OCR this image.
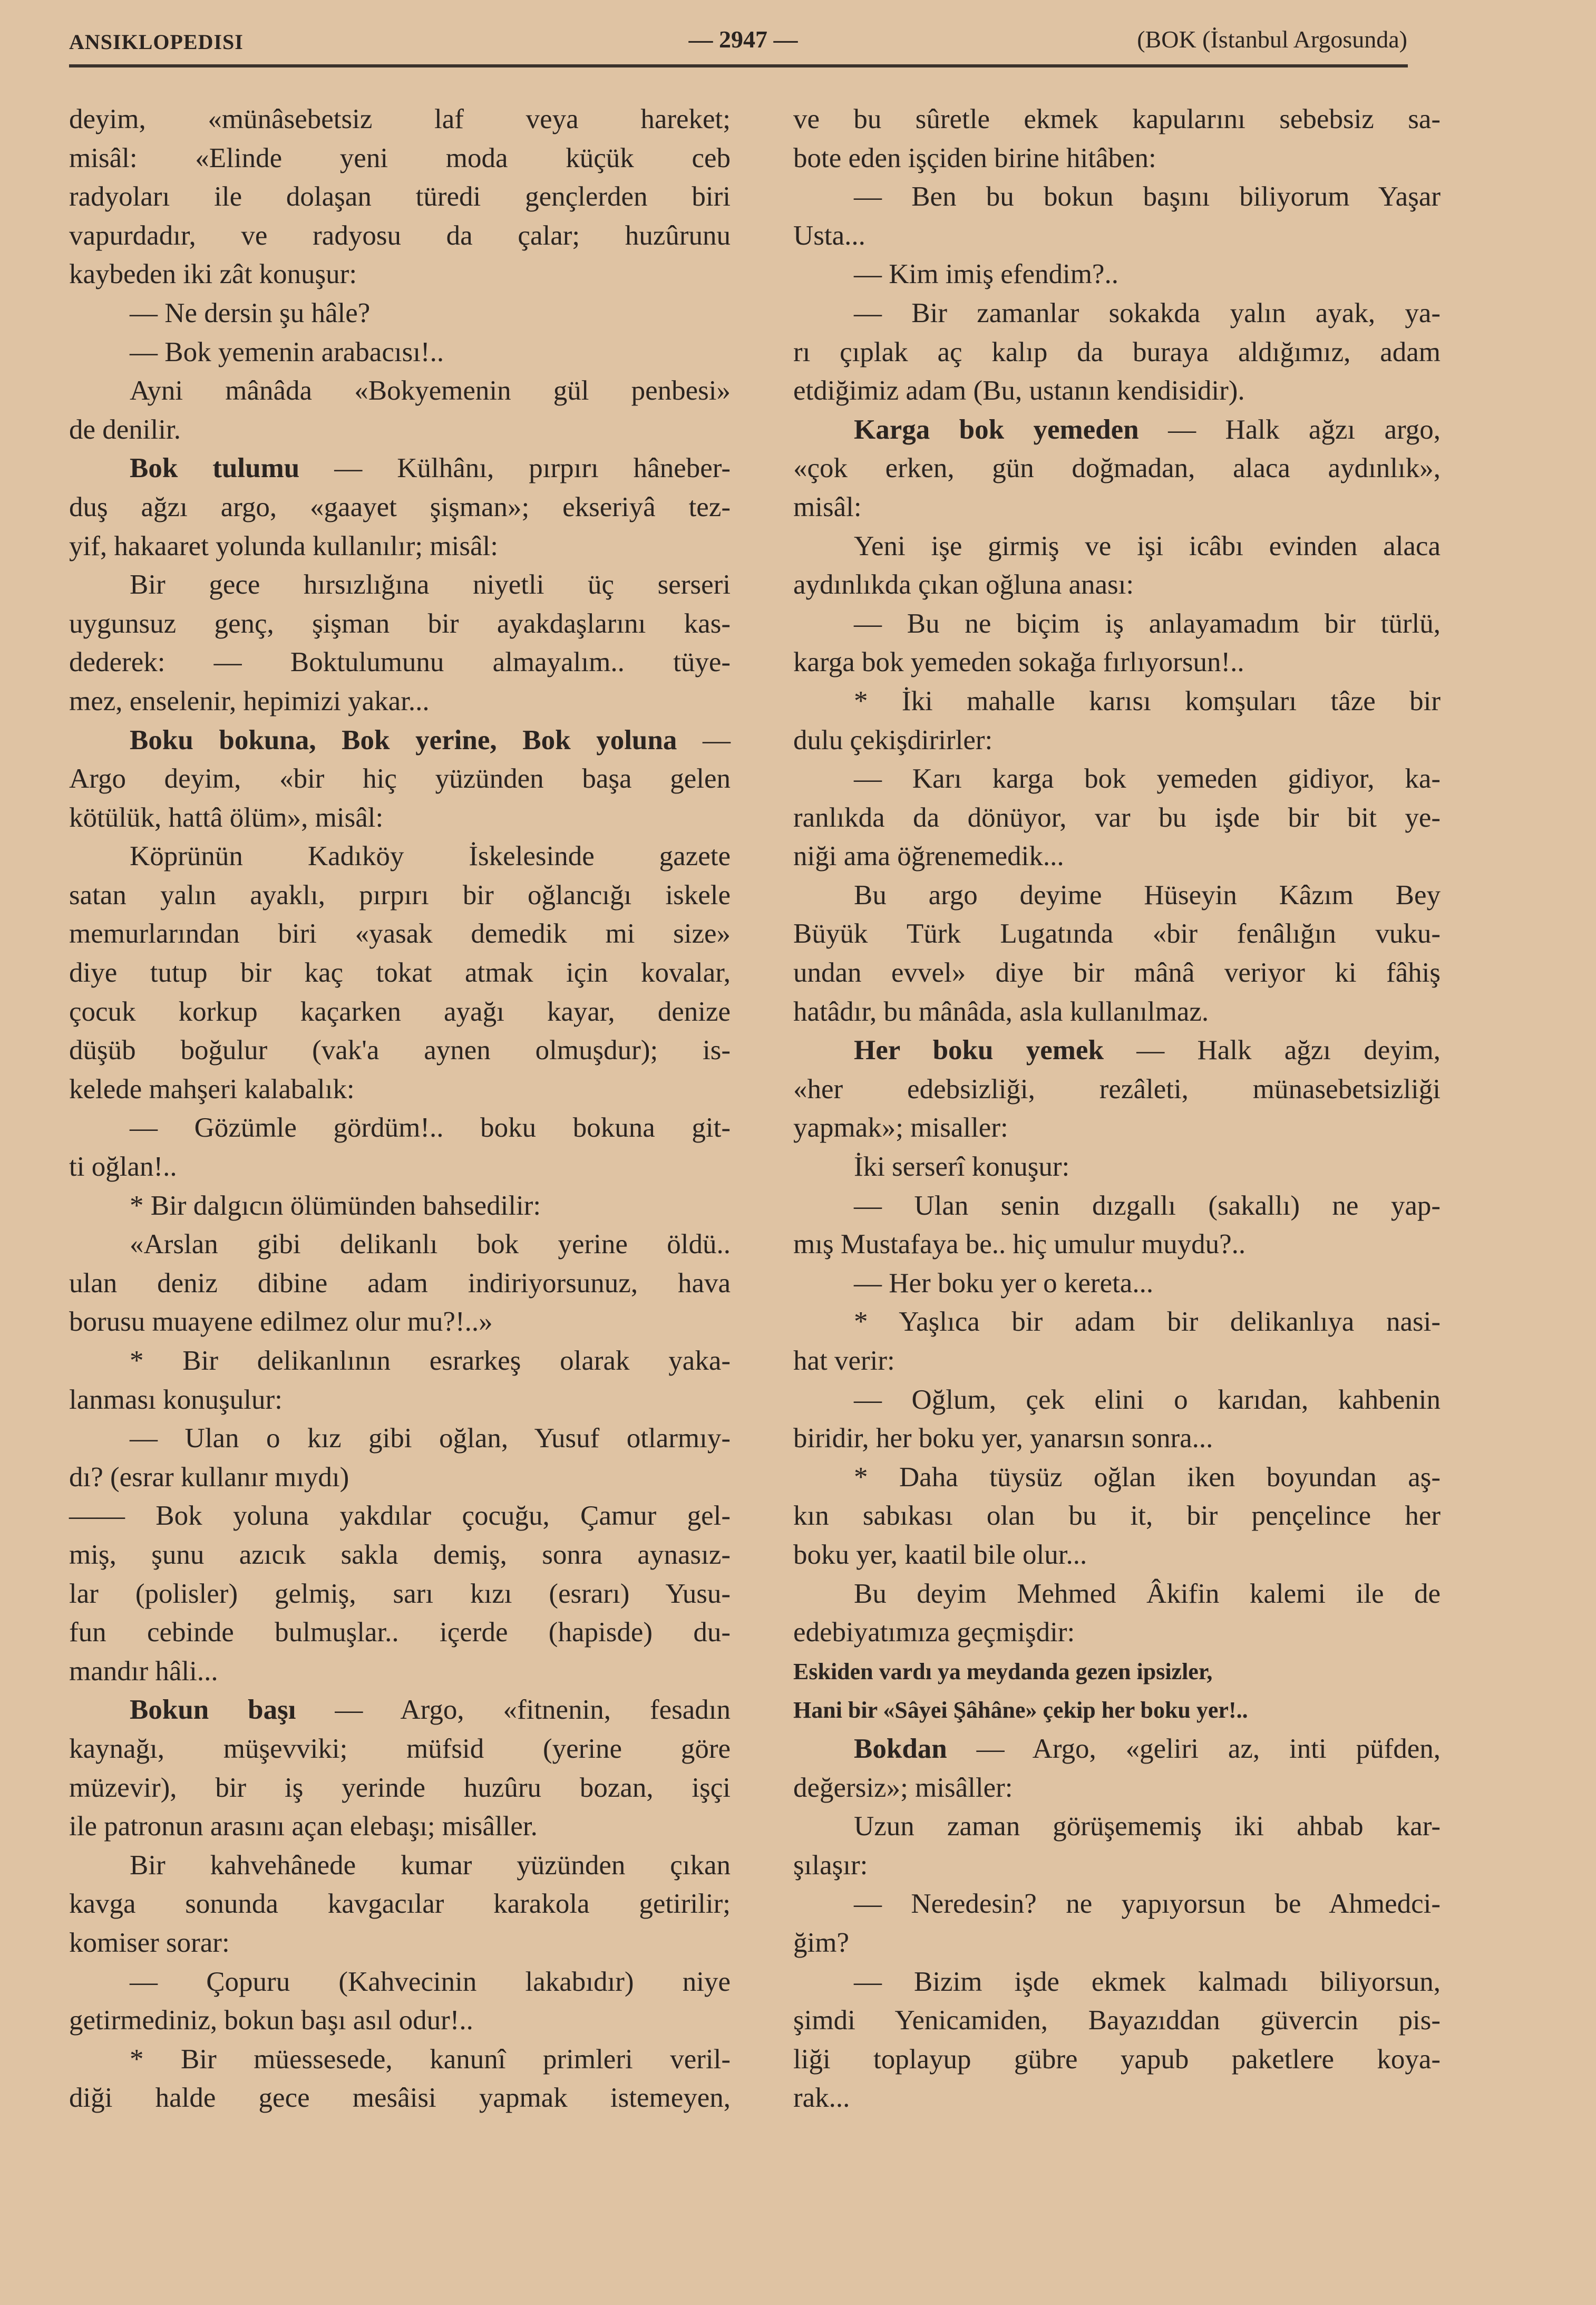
ANSIKLOPEDISI	— 2947 —	(BOK (İstanbul Argosunda)
deyim, «münâsebetsiz laf veya hareket;
misâl: «Elinde yeni moda küçük ceb
radyoları ile dolaşan türedi gençlerden biri
vapurdadır, ve radyosu da çalar; huzûrunu
kaybeden iki zât konuşur:
— Ne dersin şu hâle?
— Bok yemenin arabacısı!..
Ayni mânâda «Bokyemenin gül penbesi»
de denilir.
Bok tulumu — Külhânı, pırpırı hâneber-
duş ağzı argo, «gaayet şişman»; ekseriyâ tez-
yif, hakaaret yolunda kullanılır; misâl:
Bir gece hırsızlığına niyetli üç serseri
uygunsuz genç, şişman bir ayakdaşlarını kas-
dederek: — Boktulumunu almayalım.. tüye-
mez, enselenir, hepimizi yakar...
Boku bokuna, Bok yerine, Bok yoluna —
Argo deyim, «bir hiç yüzünden başa gelen
kötülük, hattâ ölüm», misâl:
Köprünün Kadıköy İskelesinde gazete
satan yalın ayaklı, pırpırı bir oğlancığı iskele
memurlarından biri «yasak demedik mi size»
diye tutup bir kaç tokat atmak için kovalar,
çocuk korkup kaçarken ayağı kayar, denize
düşüb boğulur (vak'a aynen olmuşdur); is-
kelede mahşeri kalabalık:
— Gözümle gördüm!.. boku bokuna git-
ti oğlan!..
* Bir dalgıcın ölümünden bahsedilir:
«Arslan gibi delikanlı bok yerine öldü..
ulan deniz dibine adam indiriyorsunuz, hava
borusu muayene edilmez olur mu?!..»
* Bir delikanlının esrarkeş olarak yaka-
lanması konuşulur:
— Ulan o kız gibi oğlan, Yusuf otlarmıy-
dı? (esrar kullanır mıydı)
—— Bok yoluna yakdılar çocuğu, Çamur gel-
miş, şunu azıcık sakla demiş, sonra aynasız-
lar (polisler) gelmiş, sarı kızı (esrarı) Yusu-
fun cebinde bulmuşlar.. içerde (hapisde) du-
mandır hâli...
Bokun başı — Argo, «fitnenin, fesadın
kaynağı, müşevviki; müfsid (yerine göre
müzevir), bir iş yerinde huzûru bozan, işçi
ile patronun arasını açan elebaşı; misâller.
Bir kahvehânede kumar yüzünden çıkan
kavga sonunda kavgacılar karakola getirilir;
komiser sorar:
— Çopuru (Kahvecinin lakabıdır) niye
getirmediniz, bokun başı asıl odur!..
* Bir müessesede, kanunî primleri veril-
diği halde gece mesâisi yapmak istemeyen,
ve bu sûretle ekmek kapularını sebebsiz sa-
bote eden işçiden birine hitâben:
— Ben bu bokun başını biliyorum Yaşar
Usta...
— Kim imiş efendim?..
— Bir zamanlar sokakda yalın ayak, ya-
rı çıplak aç kalıp da buraya aldığımız, adam
etdiğimiz adam (Bu, ustanın kendisidir).
Karga bok yemeden — Halk ağzı argo,
«çok erken, gün doğmadan, alaca aydınlık»,
misâl:
Yeni işe girmiş ve işi icâbı evinden alaca
aydınlıkda çıkan oğluna anası:
— Bu ne biçim iş anlayamadım bir türlü,
karga bok yemeden sokağa fırlıyorsun!..
* İki mahalle karısı komşuları tâze bir
dulu çekişdirirler:
— Karı karga bok yemeden gidiyor, ka-
ranlıkda da dönüyor, var bu işde bir bit ye-
niği ama öğrenemedik...
Bu argo deyime Hüseyin Kâzım Bey
Büyük Türk Lugatında «bir fenâlığın vuku-
undan evvel» diye bir mânâ veriyor ki fâhiş
hatâdır, bu mânâda, asla kullanılmaz.
Her boku yemek — Halk ağzı deyim,
«her edebsizliği, rezâleti, münasebetsizliği
yapmak»; misaller:
İki serserî konuşur:
— Ulan senin dızgallı (sakallı) ne yap-
mış Mustafaya be.. hiç umulur muydu?..
— Her boku yer o kereta...
* Yaşlıca bir adam bir delikanlıya nasi-
hat verir:
— Oğlum, çek elini o karıdan, kahbenin
biridir, her boku yer, yanarsın sonra...
* Daha tüysüz oğlan iken boyundan aş-
kın sabıkası olan bu it, bir pençelince her
boku yer, kaatil bile olur...
Bu deyim Mehmed Âkifin kalemi ile de
edebiyatımıza geçmişdir:
Eskiden vardı ya meydanda gezen ipsizler,
Hani bir «Sâyei Şâhâne» çekip her boku yer!..
Bokdan — Argo, «geliri az, inti püfden,
değersiz»; misâller:
Uzun zaman görüşememiş iki ahbab kar-
şılaşır:
— Neredesin? ne yapıyorsun be Ahmedci-
ğim?
— Bizim işde ekmek kalmadı biliyorsun,
şimdi Yenicamiden, Bayazıddan güvercin pis-
liği toplayup gübre yapub paketlere koya-
rak...
